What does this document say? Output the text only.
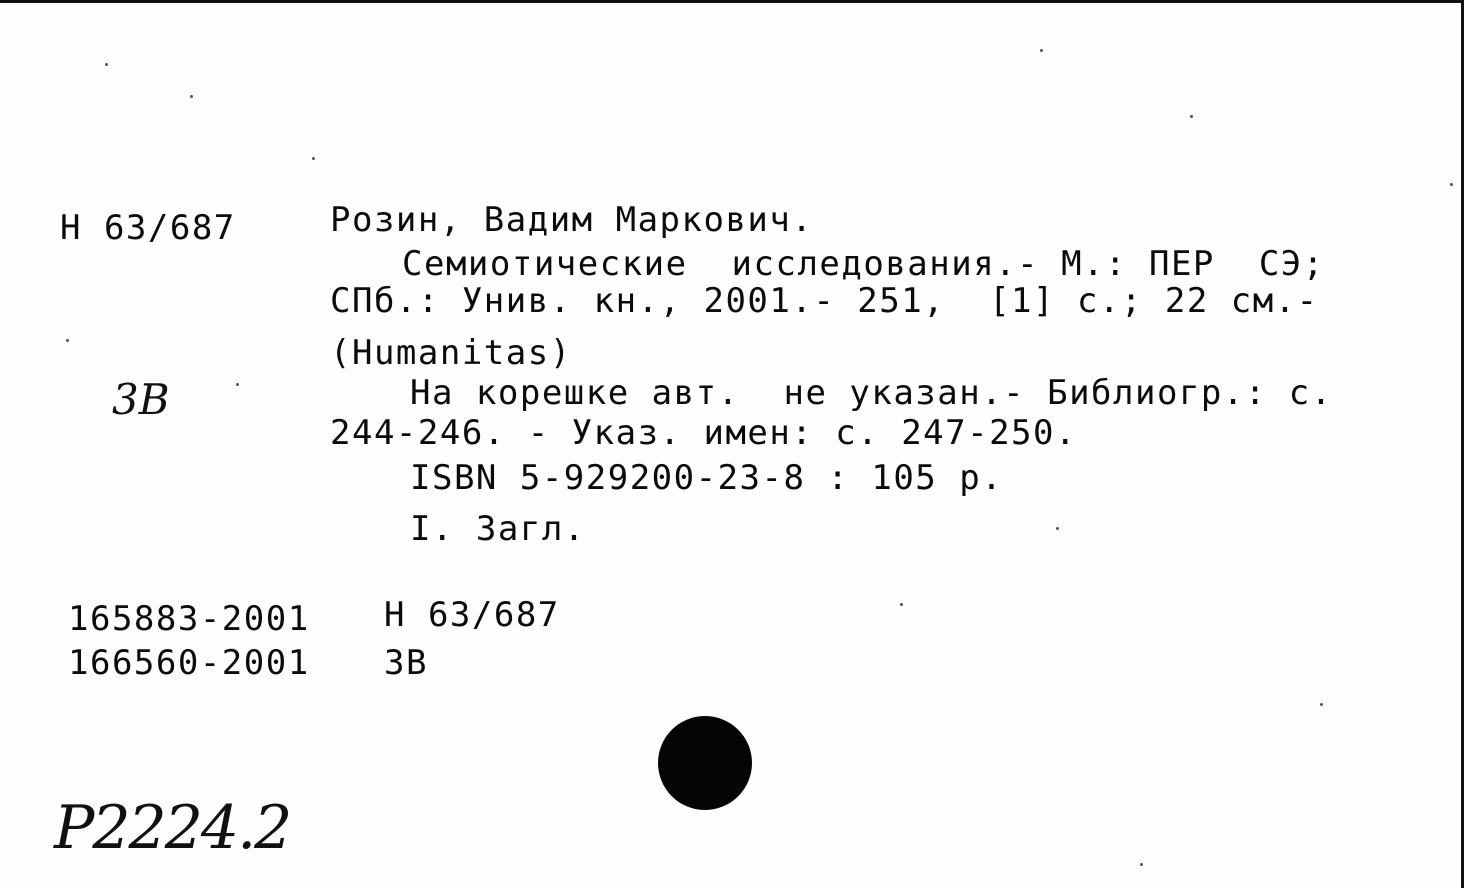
Н 63/687	Розин, Вадим Маркович.
Семиотические  исследования.- М.: ПЕР  СЭ;
СПб.: Унив. кн., 2001.- 251,  [1] с.; 22 см.-
(Humanitas)
3В	На корешке авт.  не указан.- Библиогр.: с.
244-246. - Указ. имен: с. 247-250.
ISBN 5-929200-23-8 : 105 р.
I. Загл.
165883-2001 Н 63/687
166560-2001 3В
P2224.2
